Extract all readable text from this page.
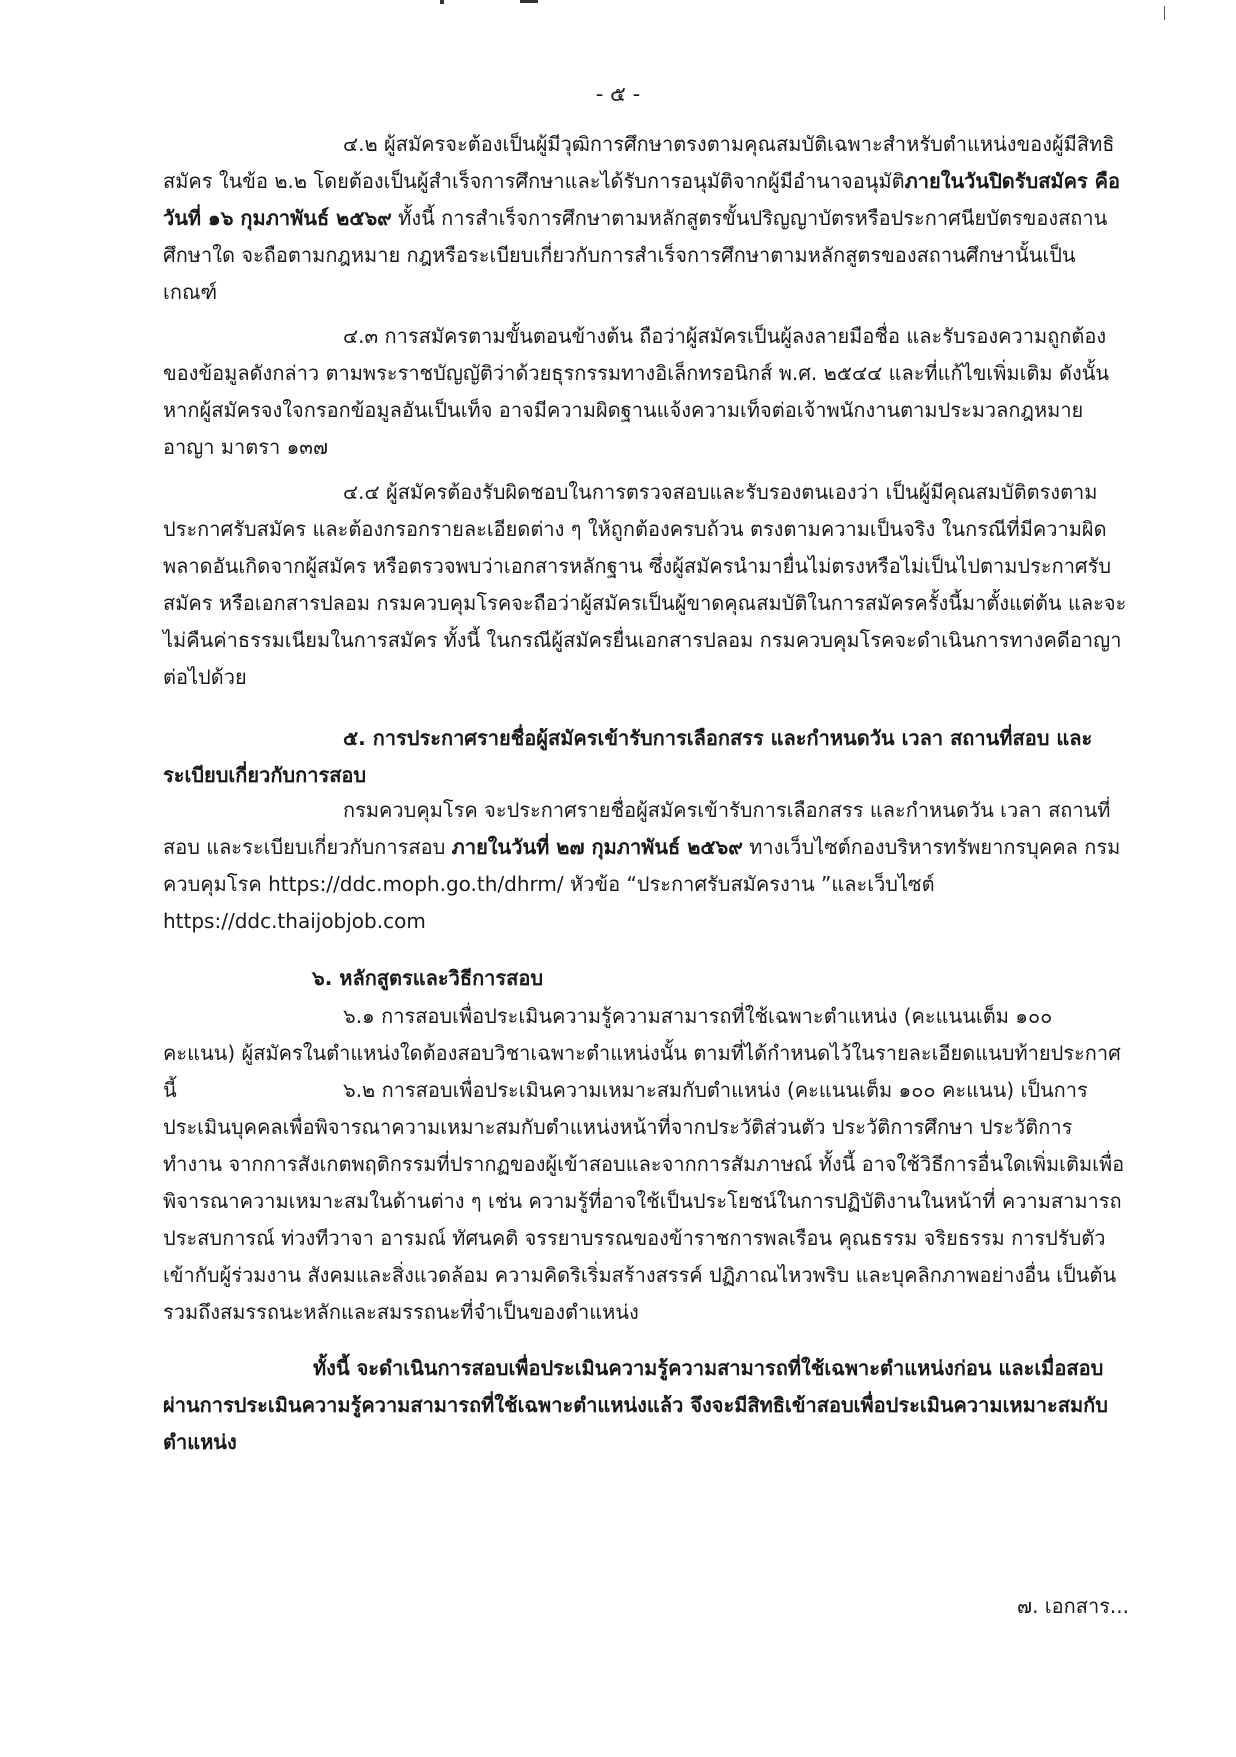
- ๕ -

๔.๒ ผู้สมัครจะต้องเป็นผู้มีวุฒิการศึกษาตรงตามคุณสมบัติเฉพาะสำหรับตำแหน่งของผู้มีสิทธิสมัคร ในข้อ ๒.๒ โดยต้องเป็นผู้สำเร็จการศึกษาและได้รับการอนุมัติจากผู้มีอำนาจอนุมัติภายในวันปิดรับสมัคร คือวันที่ ๑๖ กุมภาพันธ์ ๒๕๖๙ ทั้งนี้ การสำเร็จการศึกษาตามหลักสูตรขั้นปริญญาบัตรหรือประกาศนียบัตรของสถานศึกษาใด จะถือตามกฎหมาย กฎหรือระเบียบเกี่ยวกับการสำเร็จการศึกษาตามหลักสูตรของสถานศึกษานั้นเป็นเกณฑ์

๔.๓ การสมัครตามขั้นตอนข้างต้น ถือว่าผู้สมัครเป็นผู้ลงลายมือชื่อ และรับรองความถูกต้องของข้อมูลดังกล่าว ตามพระราชบัญญัติว่าด้วยธุรกรรมทางอิเล็กทรอนิกส์ พ.ศ. ๒๕๔๔ และที่แก้ไขเพิ่มเติม ดังนั้น หากผู้สมัครจงใจกรอกข้อมูลอันเป็นเท็จ อาจมีความผิดฐานแจ้งความเท็จต่อเจ้าพนักงานตามประมวลกฎหมายอาญา มาตรา ๑๓๗

๔.๔ ผู้สมัครต้องรับผิดชอบในการตรวจสอบและรับรองตนเองว่า เป็นผู้มีคุณสมบัติตรงตามประกาศรับสมัคร และต้องกรอกรายละเอียดต่าง ๆ ให้ถูกต้องครบถ้วน ตรงตามความเป็นจริง ในกรณีที่มีความผิดพลาดอันเกิดจากผู้สมัคร หรือตรวจพบว่าเอกสารหลักฐาน ซึ่งผู้สมัครนำมายื่นไม่ตรงหรือไม่เป็นไปตามประกาศรับสมัคร หรือเอกสารปลอม กรมควบคุมโรคจะถือว่าผู้สมัครเป็นผู้ขาดคุณสมบัติในการสมัครครั้งนี้มาตั้งแต่ต้น และจะไม่คืนค่าธรรมเนียมในการสมัคร ทั้งนี้ ในกรณีผู้สมัครยื่นเอกสารปลอม กรมควบคุมโรคจะดำเนินการทางคดีอาญาต่อไปด้วย

๕. การประกาศรายชื่อผู้สมัครเข้ารับการเลือกสรร และกำหนดวัน เวลา สถานที่สอบ และระเบียบเกี่ยวกับการสอบ

กรมควบคุมโรค จะประกาศรายชื่อผู้สมัครเข้ารับการเลือกสรร และกำหนดวัน เวลา สถานที่สอบ และระเบียบเกี่ยวกับการสอบ ภายในวันที่ ๒๗ กุมภาพันธ์ ๒๕๖๙ ทางเว็บไซต์กองบริหารทรัพยากรบุคคล กรมควบคุมโรค https://ddc.moph.go.th/dhrm/ หัวข้อ “ประกาศรับสมัครงาน ”และเว็บไซต์ https://ddc.thaijobjob.com

๖. หลักสูตรและวิธีการสอบ

๖.๑ การสอบเพื่อประเมินความรู้ความสามารถที่ใช้เฉพาะตำแหน่ง (คะแนนเต็ม ๑๐๐ คะแนน) ผู้สมัครในตำแหน่งใดต้องสอบวิชาเฉพาะตำแหน่งนั้น ตามที่ได้กำหนดไว้ในรายละเอียดแนบท้ายประกาศนี้	๖.๒ การสอบเพื่อประเมินความเหมาะสมกับตำแหน่ง (คะแนนเต็ม ๑๐๐ คะแนน) เป็นการประเมินบุคคลเพื่อพิจารณาความเหมาะสมกับตำแหน่งหน้าที่จากประวัติส่วนตัว ประวัติการศึกษา ประวัติการทำงาน จากการสังเกตพฤติกรรมที่ปรากฏของผู้เข้าสอบและจากการสัมภาษณ์ ทั้งนี้ อาจใช้วิธีการอื่นใดเพิ่มเติมเพื่อพิจารณาความเหมาะสมในด้านต่าง ๆ เช่น ความรู้ที่อาจใช้เป็นประโยชน์ในการปฏิบัติงานในหน้าที่ ความสามารถ ประสบการณ์ ท่วงทีวาจา อารมณ์ ทัศนคติ จรรยาบรรณของข้าราชการพลเรือน คุณธรรม จริยธรรม การปรับตัวเข้ากับผู้ร่วมงาน สังคมและสิ่งแวดล้อม ความคิดริเริ่มสร้างสรรค์ ปฏิภาณไหวพริบ และบุคลิกภาพอย่างอื่น เป็นต้น รวมถึงสมรรถนะหลักและสมรรถนะที่จำเป็นของตำแหน่ง

ทั้งนี้ จะดำเนินการสอบเพื่อประเมินความรู้ความสามารถที่ใช้เฉพาะตำแหน่งก่อน และเมื่อสอบผ่านการประเมินความรู้ความสามารถที่ใช้เฉพาะตำแหน่งแล้ว จึงจะมีสิทธิเข้าสอบเพื่อประเมินความเหมาะสมกับตำแหน่ง

๗. เอกสาร...
